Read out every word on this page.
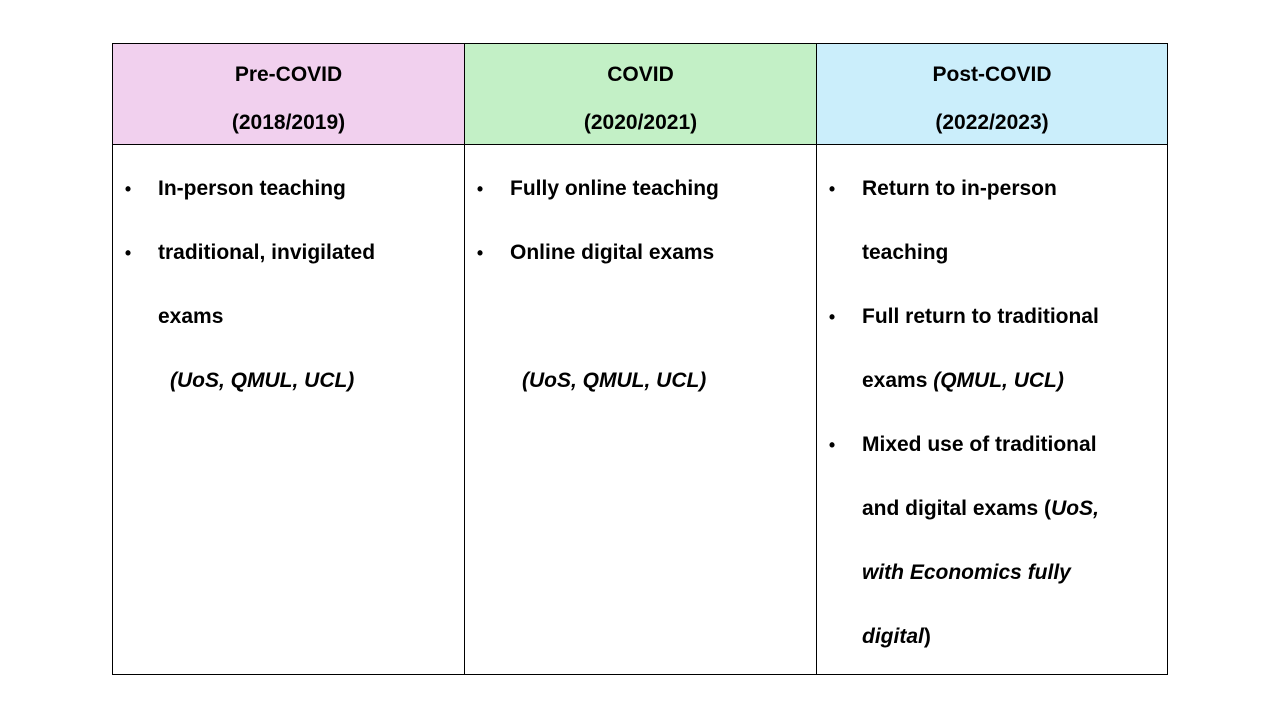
Pre-COVID
(2018/2019)
• In-person teaching
• traditional, invigilated
exams
(UoS, QMUL, UCL)
COVID
(2020/2021)
• Fully online teaching
• Online digital exams
(UoS, QMUL, UCL)
Post-COVID
(2022/2023)
• Return to in-person
teaching
• Full return to traditional
exams (QMUL, UCL)
• Mixed use of traditional
and digital exams (UoS,
with Economics fully
digital)
